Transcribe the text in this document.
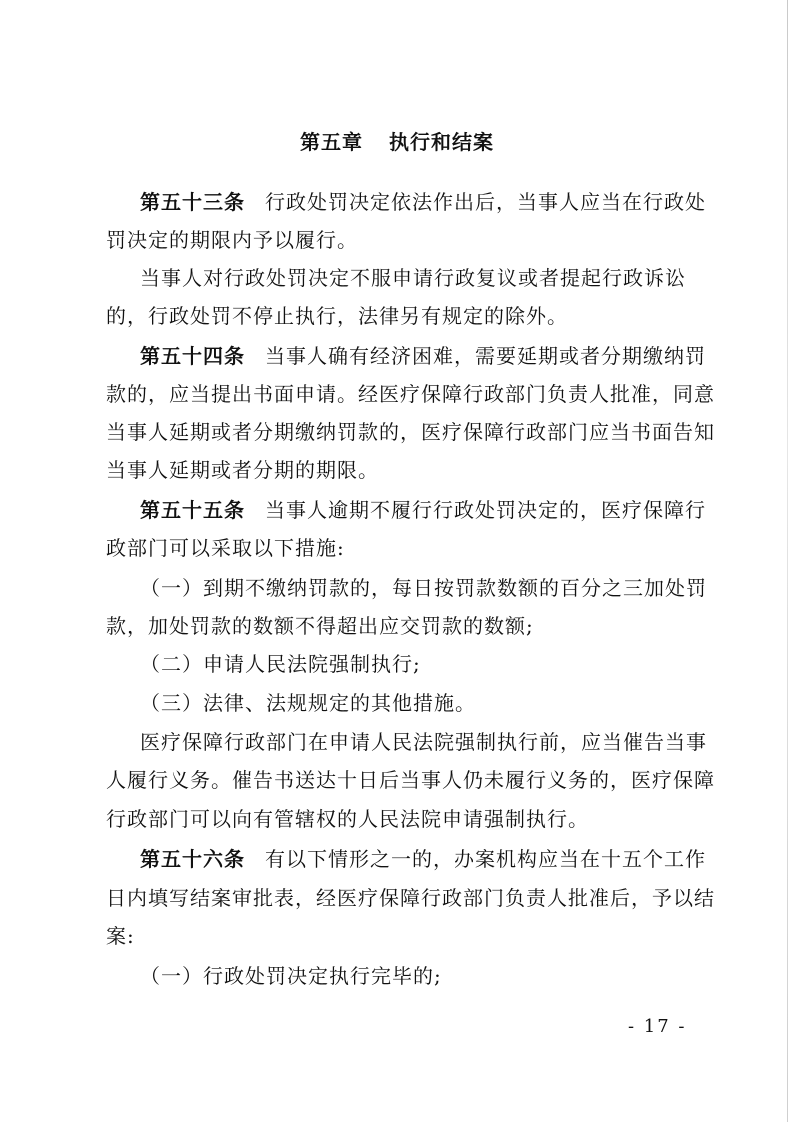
第五章 执行和结案
第五十三条 行政处罚决定依法作出后，当事人应当在行政处
罚决定的期限内予以履行。
当事人对行政处罚决定不服申请行政复议或者提起行政诉讼
的，行政处罚不停止执行，法律另有规定的除外。
第五十四条 当事人确有经济困难，需要延期或者分期缴纳罚
款的，应当提出书面申请。经医疗保障行政部门负责人批准，同意
当事人延期或者分期缴纳罚款的，医疗保障行政部门应当书面告知
当事人延期或者分期的期限。
第五十五条 当事人逾期不履行行政处罚决定的，医疗保障行
政部门可以采取以下措施:
（一）到期不缴纳罚款的，每日按罚款数额的百分之三加处罚
款，加处罚款的数额不得超出应交罚款的数额;
（二）申请人民法院强制执行;
（三）法律、法规规定的其他措施。
医疗保障行政部门在申请人民法院强制执行前，应当催告当事
人履行义务。催告书送达十日后当事人仍未履行义务的，医疗保障
行政部门可以向有管辖权的人民法院申请强制执行。
第五十六条 有以下情形之一的，办案机构应当在十五个工作
日内填写结案审批表，经医疗保障行政部门负责人批准后，予以结
案:
（一）行政处罚决定执行完毕的;
- 17 -
